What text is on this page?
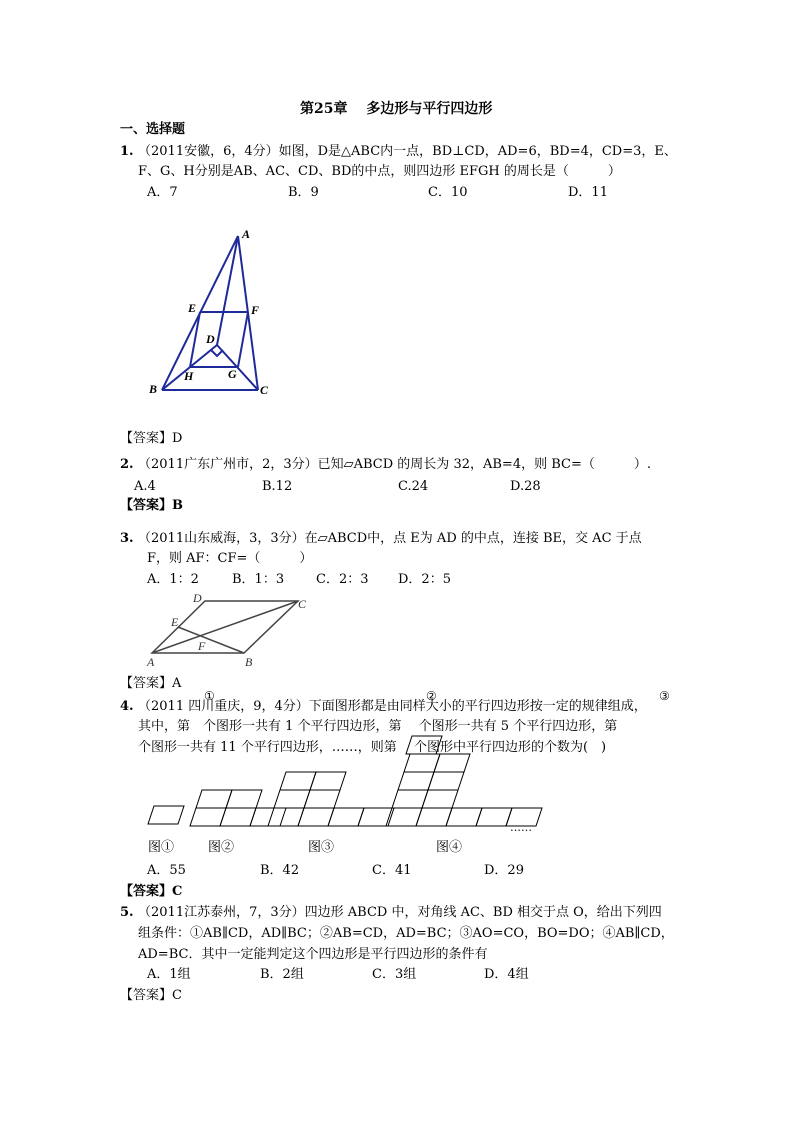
第25章　 多边形与平行四边形
一、选择题
1. （2011安徽，6，4分）如图，D是△ABC内一点，BD⊥CD，AD=6，BD=4，CD=3，E、
F、G、H分别是AB、AC、CD、BD的中点，则四边形 EFGH 的周长是（　　　）
A．7	B．9	C．10	D．11
A
E	F
D
B
H	G
C
【答案】D
2. （2011广东广州市，2，3分）已知▱ABCD 的周长为 32，AB=4，则 BC=（　　　）.
A.4	B.12	C.24	D.28
【答案】B
3. （2011山东威海，3，3分）在▱ABCD中，点 E为 AD 的中点，连接 BE，交 AC 于点
F，则 AF：CF=（　　　）
A．1：2	B．1：3 C．2：3 D．2：5
D	C
E
F
A	B
【答案】A
4. （2011 四川重庆，9，4分）下面图形都是由同样大小的平行四边形按一定的规律组成，
其中，第　个图形一共有 1 个平行四边形，第　 个图形一共有 5 个平行四边形，第
个图形一共有 11 个平行四边形，……，则第　 个图形中平行四边形的个数为(　)
①	②	③
图①	图②	图③	图④
……
A．55	B．42	C．41	D．29
【答案】C
5. （2011江苏泰州，7，3分）四边形 ABCD 中，对角线 AC、BD 相交于点 O，给出下列四
组条件：①AB∥CD，AD∥BC；②AB=CD，AD=BC；③AO=CO，BO=DO；④AB∥CD，
AD=BC．其中一定能判定这个四边形是平行四边形的条件有
A．1组	B．2组	C．3组	D．4组
【答案】C
